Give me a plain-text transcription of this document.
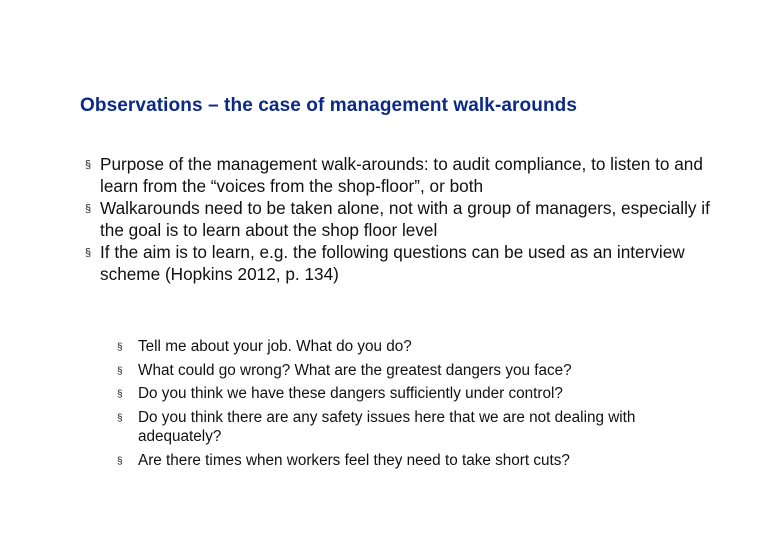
Observations – the case of management walk-arounds
§ Purpose of the management walk-arounds: to audit compliance, to listen to and learn from the “voices from the shop-floor”, or both
§ Walkarounds need to be taken alone, not with a group of managers, especially if the goal is to learn about the shop floor level
§ If the aim is to learn, e.g. the following questions can be used as an interview scheme (Hopkins 2012, p. 134)
§ Tell me about your job. What do you do?
§ What could go wrong? What are the greatest dangers you face?
§ Do you think we have these dangers sufficiently under control?
§ Do you think there are any safety issues here that we are not dealing with adequately?
§ Are there times when workers feel they need to take short cuts?
